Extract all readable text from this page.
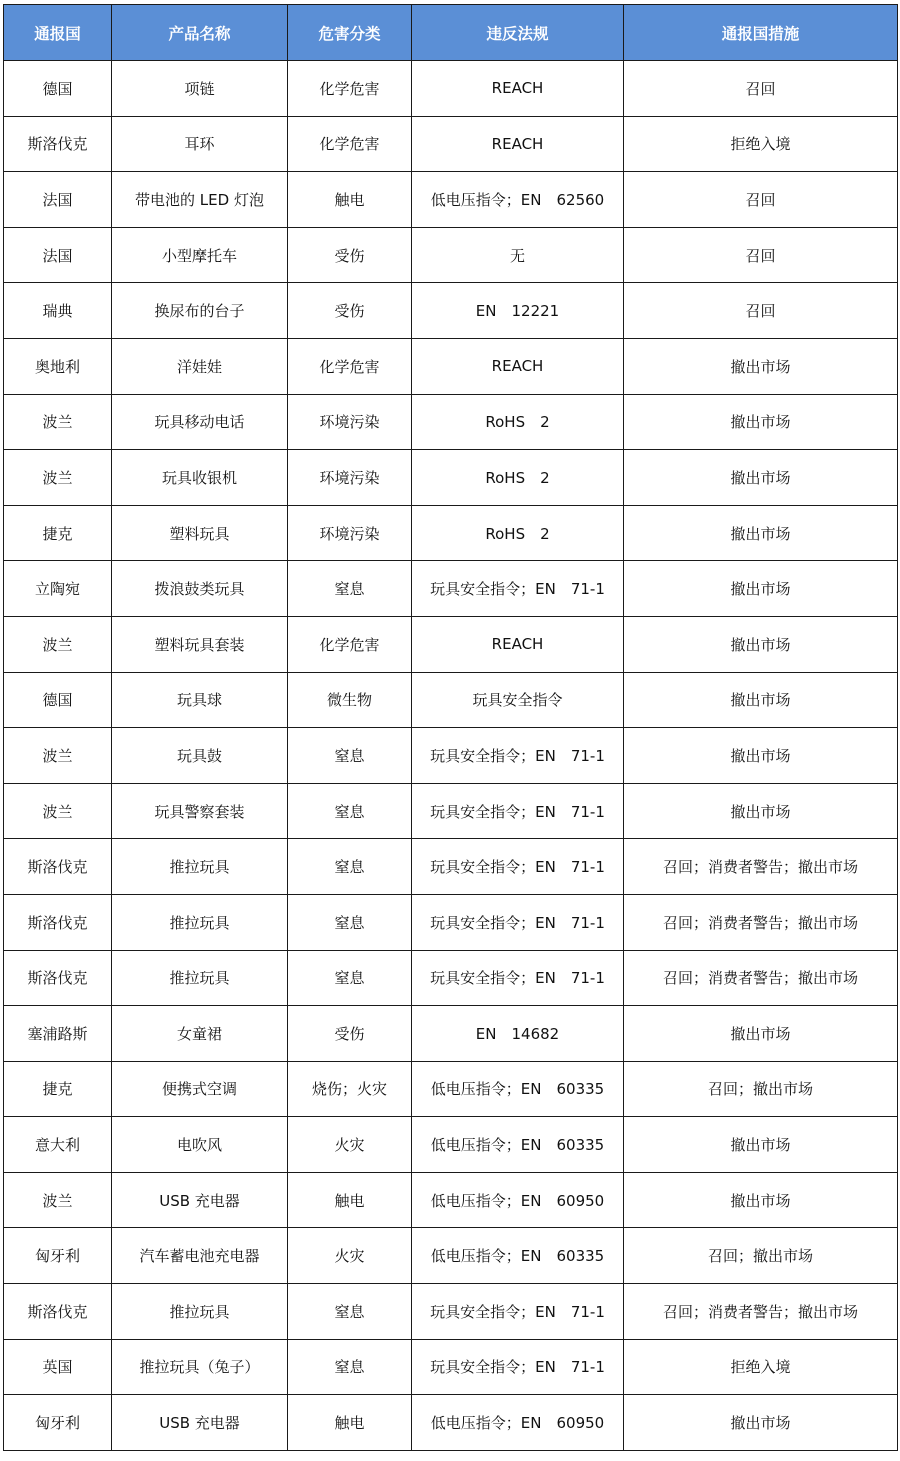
通报国	产品名称	危害分类	违反法规	通报国措施
德国	项链	化学危害	REACH	召回
斯洛伐克	耳环	化学危害	REACH	拒绝入境
法国	带电池的 LED 灯泡	触电	低电压指令；EN　62560	召回
法国	小型摩托车	受伤	无	召回
瑞典	换尿布的台子	受伤	EN　12221	召回
奥地利	洋娃娃	化学危害	REACH	撤出市场
波兰	玩具移动电话	环境污染	RoHS　2	撤出市场
波兰	玩具收银机	环境污染	RoHS　2	撤出市场
捷克	塑料玩具	环境污染	RoHS　2	撤出市场
立陶宛	拨浪鼓类玩具	窒息	玩具安全指令；EN　71-1	撤出市场
波兰	塑料玩具套装	化学危害	REACH	撤出市场
德国	玩具球	微生物	玩具安全指令	撤出市场
波兰	玩具鼓	窒息	玩具安全指令；EN　71-1	撤出市场
波兰	玩具警察套装	窒息	玩具安全指令；EN　71-1	撤出市场
斯洛伐克	推拉玩具	窒息	玩具安全指令；EN　71-1	召回；消费者警告；撤出市场
斯洛伐克	推拉玩具	窒息	玩具安全指令；EN　71-1	召回；消费者警告；撤出市场
斯洛伐克	推拉玩具	窒息	玩具安全指令；EN　71-1	召回；消费者警告；撤出市场
塞浦路斯	女童裙	受伤	EN　14682	撤出市场
捷克	便携式空调	烧伤；火灾	低电压指令；EN　60335	召回；撤出市场
意大利	电吹风	火灾	低电压指令；EN　60335	撤出市场
波兰	USB 充电器	触电	低电压指令；EN　60950	撤出市场
匈牙利	汽车蓄电池充电器	火灾	低电压指令；EN　60335	召回；撤出市场
斯洛伐克	推拉玩具	窒息	玩具安全指令；EN　71-1	召回；消费者警告；撤出市场
英国	推拉玩具（兔子）	窒息	玩具安全指令；EN　71-1	拒绝入境
匈牙利	USB 充电器	触电	低电压指令；EN　60950	撤出市场
